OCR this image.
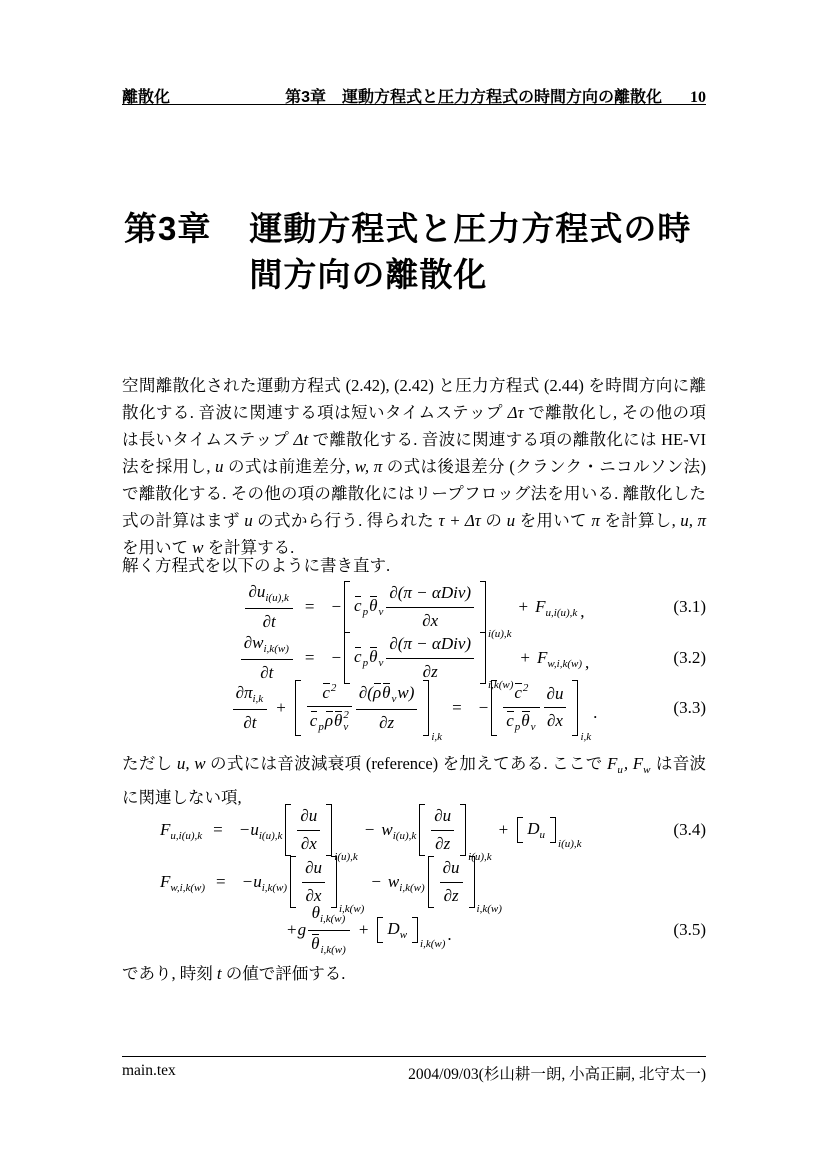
離散化	第3章　運動方程式と圧力方程式の時間方向の離散化 10
第3章 運動方程式と圧力方程式の時
間方向の離散化

空間離散化された運動方程式 (2.42), (2.42) と圧力方程式 (2.44) を時間方向に離散化する. 音波に関連する項は短いタイムステップ Δτ で離散化し, その他の項は長いタイムステップ Δt で離散化する. 音波に関連する項の離散化には HE-VI 法を採用し, u の式は前進差分, w, π の式は後退差分 (クランク・ニコルソン法) で離散化する. その他の項の離散化にはリープフロッグ法を用いる. 離散化した式の計算はまず u の式から行う. 得られた τ + Δτ の u を用いて π を計算し, u, π を用いて w を計算する.

解く方程式を以下のように書き直す.

$\frac{\partial u_{i(u),k}}{\partial t}$ = − $c_p\theta_v \frac{\text{∂(π − αDiv)}}{\partial x}$
i(u),k
+ F u,i(u),k ,	(3.1)
$\frac{\partial w_{i,k(w)}}{\partial t}$ = − $c_p\theta_v \frac{\text{∂(π − αDiv)}}{\partial z}$
i,k(w)
+ F w,i,k(w) ,	(3.2)
$\frac{\partial\pi_{i,k}}{\partial t} + c^2$
$c_p\rho\theta$ 2
v $\frac{\partial(\rho\theta_vw)}{\partial z}$
i,k
= − $\frac{c^2}{c_p\theta_v} \frac{\partial u}{\partial x}$
i,k
.	(3.3)

ただし u, w の式には音波減衰項 (reference) を加えてある. ここで $F_u$, $F_w$ は音波に関連しない項,

F u,i(u),k = − u $i(u),k \frac{\partial u}{\partial x}$
i(u),k
− w $i(u),k \frac{\partial u}{\partial z}$
i(u),k
+ $D_u$
i(u),k
(3.4)
F w,i,k(w) = − u $i,k(w) \frac{\partial u}{\partial x}$
i,k(w)
− w $i,k(w) \frac{\partial u}{\partial z}$
i,k(w)
+ g $\frac{\theta_{i,k(w)}}{\theta_{i,k(w)}} + D_w$
i,k(w) .	(3.5)

であり, 時刻 t の値で評価する.

main.tex	2004/09/03(杉山耕一朗, 小高正嗣, 北守太一)
